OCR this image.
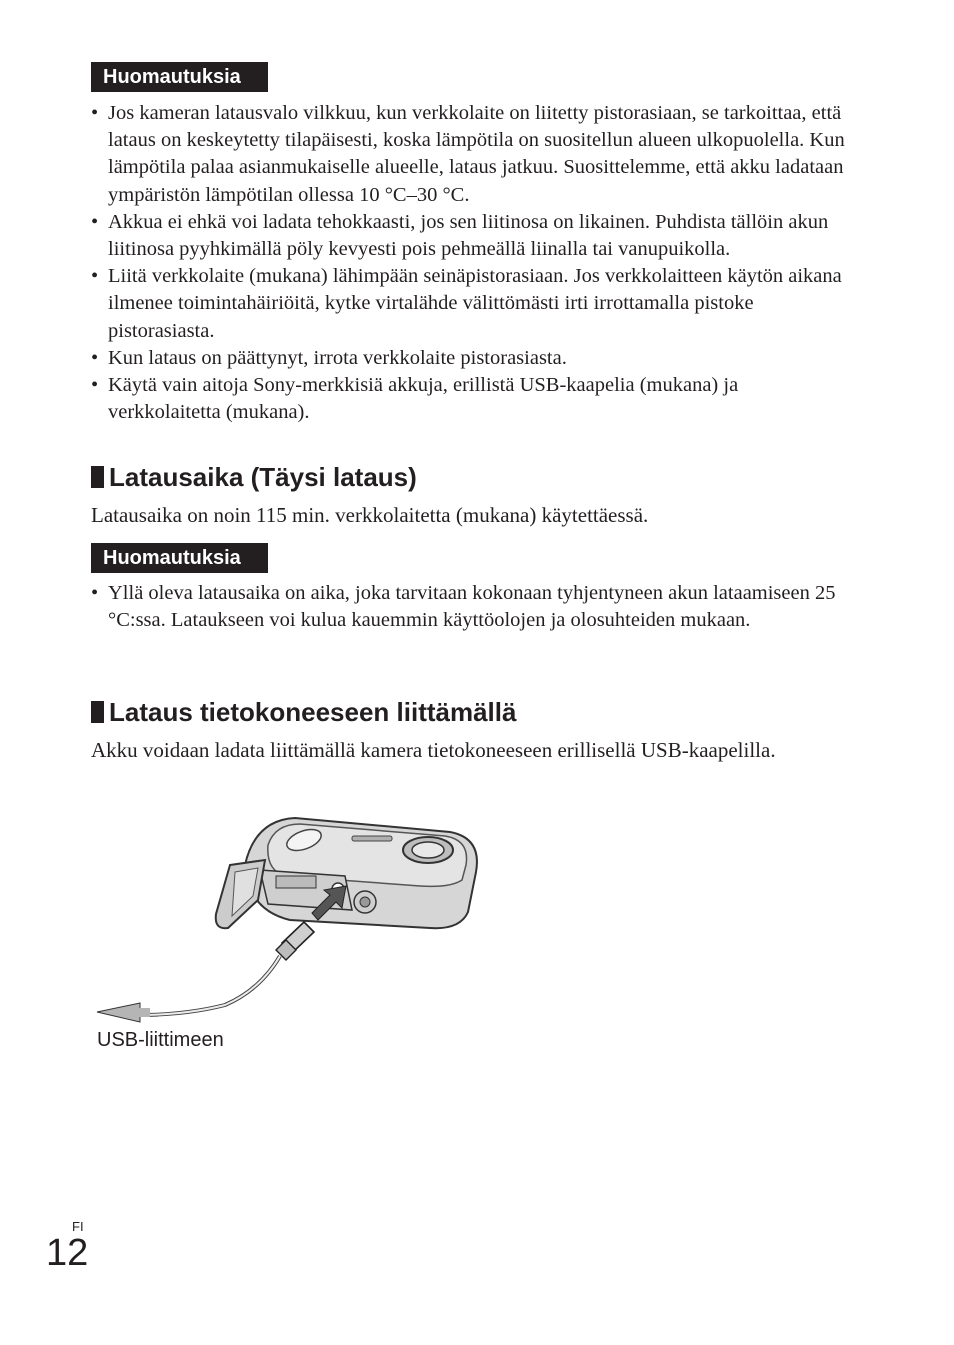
Huomautuksia
• Jos kameran latausvalo vilkkuu, kun verkkolaite on liitetty pistorasiaan, se tarkoittaa, että lataus on keskeytetty tilapäisesti, koska lämpötila on suositellun alueen ulkopuolella. Kun lämpötila palaa asianmukaiselle alueelle, lataus jatkuu. Suosittelemme, että akku ladataan ympäristön lämpötilan ollessa 10 °C–30 °C.
• Akkua ei ehkä voi ladata tehokkaasti, jos sen liitinosa on likainen. Puhdista tällöin akun liitinosa pyyhkimällä pöly kevyesti pois pehmeällä liinalla tai vanupuikolla.
• Liitä verkkolaite (mukana) lähimpään seinäpistorasiaan. Jos verkkolaitteen käytön aikana ilmenee toimintahäiriöitä, kytke virtalähde välittömästi irti irrottamalla pistoke pistorasiasta.
• Kun lataus on päättynyt, irrota verkkolaite pistorasiasta.
• Käytä vain aitoja Sony-merkkisiä akkuja, erillistä USB-kaapelia (mukana) ja verkkolaitetta (mukana).
Latausaika (Täysi lataus)

Latausaika on noin 115 min. verkkolaitetta (mukana) käytettäessä.

Huomautuksia
• Yllä oleva latausaika on aika, joka tarvitaan kokonaan tyhjentyneen akun lataamiseen 25 °C:ssa. Lataukseen voi kulua kauemmin käyttöolojen ja olosuhteiden mukaan.
Lataus tietokoneeseen liittämällä

Akku voidaan ladata liittämällä kamera tietokoneeseen erillisellä USB-kaapelilla.

USB-liittimeen
FI
12
